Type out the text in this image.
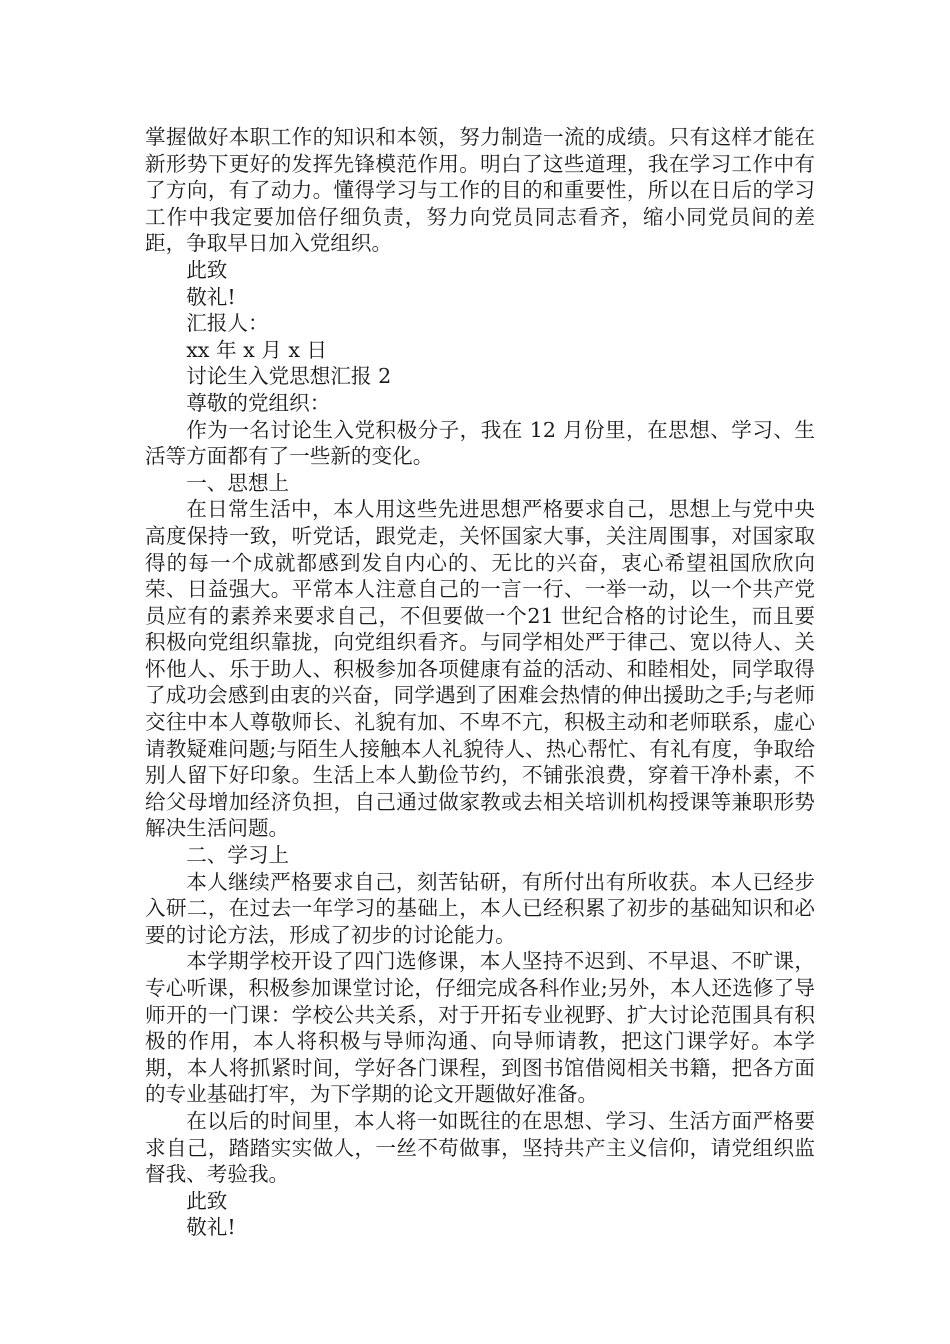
掌握做好本职工作的知识和本领，努力制造一流的成绩。只有这样才能在新形势下更好的发挥先锋模范作用。明白了这些道理，我在学习工作中有了方向，有了动力。懂得学习与工作的目的和重要性，所以在日后的学习工作中我定要加倍仔细负责，努力向党员同志看齐，缩小同党员间的差距，争取早日加入党组织。

此致

敬礼!

汇报人：

xx 年 x 月 x 日

讨论生入党思想汇报 2

尊敬的党组织：

作为一名讨论生入党积极分子，我在 12 月份里，在思想、学习、生活等方面都有了一些新的变化。

一、思想上

在日常生活中，本人用这些先进思想严格要求自己，思想上与党中央高度保持一致，听党话，跟党走，关怀国家大事，关注周围事，对国家取得的每一个成就都感到发自内心的、无比的兴奋，衷心希望祖国欣欣向荣、日益强大。平常本人注意自己的一言一行、一举一动，以一个共产党员应有的素养来要求自己，不但要做一个21 世纪合格的讨论生，而且要积极向党组织靠拢，向党组织看齐。与同学相处严于律己、宽以待人、关怀他人、乐于助人、积极参加各项健康有益的活动、和睦相处，同学取得了成功会感到由衷的兴奋，同学遇到了困难会热情的伸出援助之手;与老师交往中本人尊敬师长、礼貌有加、不卑不亢，积极主动和老师联系，虚心请教疑难问题;与陌生人接触本人礼貌待人、热心帮忙、有礼有度，争取给别人留下好印象。生活上本人勤俭节约，不铺张浪费，穿着干净朴素，不给父母增加经济负担，自己通过做家教或去相关培训机构授课等兼职形势解决生活问题。

二、学习上

本人继续严格要求自己，刻苦钻研，有所付出有所收获。本人已经步入研二，在过去一年学习的基础上，本人已经积累了初步的基础知识和必要的讨论方法，形成了初步的讨论能力。

本学期学校开设了四门选修课，本人坚持不迟到、不早退、不旷课，专心听课，积极参加课堂讨论，仔细完成各科作业;另外，本人还选修了导师开的一门课：学校公共关系，对于开拓专业视野、扩大讨论范围具有积极的作用，本人将积极与导师沟通、向导师请教，把这门课学好。本学期，本人将抓紧时间，学好各门课程，到图书馆借阅相关书籍，把各方面的专业基础打牢，为下学期的论文开题做好准备。

在以后的时间里，本人将一如既往的在思想、学习、生活方面严格要求自己，踏踏实实做人，一丝不苟做事，坚持共产主义信仰，请党组织监督我、考验我。

此致

敬礼!
